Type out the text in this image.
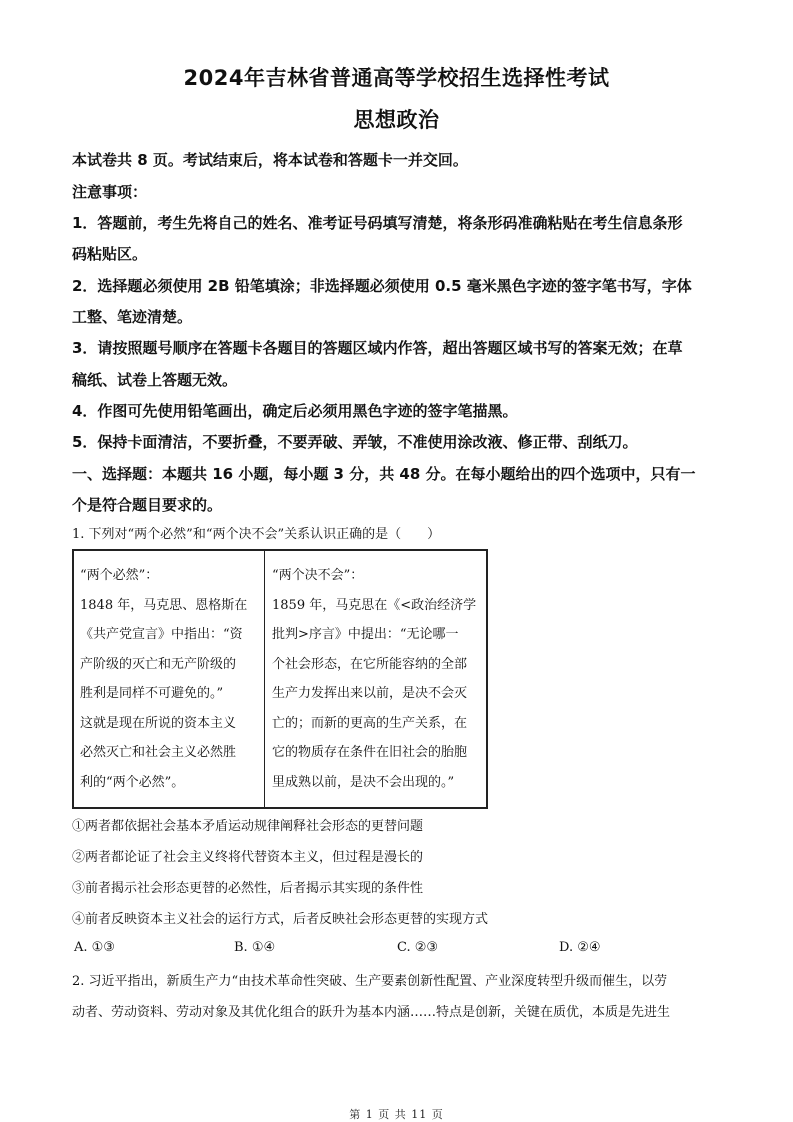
2024年吉林省普通高等学校招生选择性考试
思想政治
本试卷共 8 页。考试结束后，将本试卷和答题卡一并交回。
注意事项：
1．答题前，考生先将自己的姓名、准考证号码填写清楚，将条形码准确粘贴在考生信息条形
码粘贴区。
2．选择题必须使用 2B 铅笔填涂；非选择题必须使用 0.5 毫米黑色字迹的签字笔书写，字体
工整、笔迹清楚。
3．请按照题号顺序在答题卡各题目的答题区域内作答，超出答题区域书写的答案无效；在草
稿纸、试卷上答题无效。
4．作图可先使用铅笔画出，确定后必须用黑色字迹的签字笔描黑。
5．保持卡面清洁，不要折叠，不要弄破、弄皱，不准使用涂改液、修正带、刮纸刀。
一、选择题：本题共 16 小题，每小题 3 分，共 48 分。在每小题给出的四个选项中，只有一
个是符合题目要求的。
1. 下列对“两个必然”和“两个决不会”关系认识正确的是（　　）
“两个必然”：
1848 年，马克思、恩格斯在
《共产党宣言》中指出：“资
产阶级的灭亡和无产阶级的
胜利是同样不可避免的。”
这就是现在所说的资本主义
必然灭亡和社会主义必然胜
利的“两个必然”。
“两个决不会”：
1859 年，马克思在《<政治经济学
批判>序言》中提出：“无论哪一
个社会形态，在它所能容纳的全部
生产力发挥出来以前，是决不会灭
亡的；而新的更高的生产关系，在
它的物质存在条件在旧社会的胎胞
里成熟以前，是决不会出现的。”
①两者都依据社会基本矛盾运动规律阐释社会形态的更替问题
②两者都论证了社会主义终将代替资本主义，但过程是漫长的
③前者揭示社会形态更替的必然性，后者揭示其实现的条件性
④前者反映资本主义社会的运行方式，后者反映社会形态更替的实现方式
A. ①③	B. ①④	C. ②③	D. ②④
2. 习近平指出，新质生产力“由技术革命性突破、生产要素创新性配置、产业深度转型升级而催生，以劳
动者、劳动资料、劳动对象及其优化组合的跃升为基本内涵……特点是创新，关键在质优，本质是先进生
第 1 页 共 11 页
